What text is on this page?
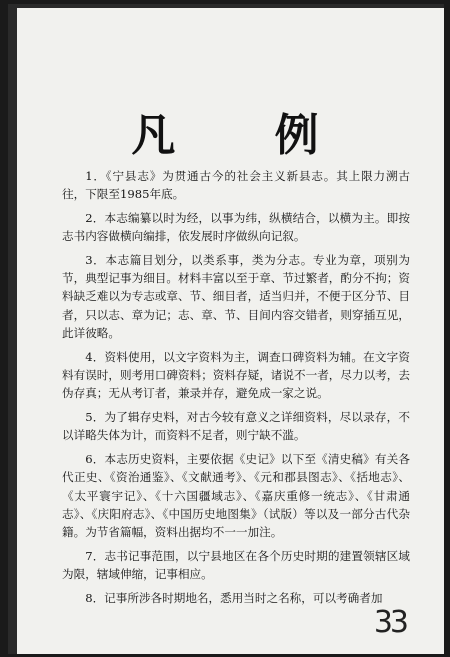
凡 例

1．《宁县志》为贯通古今的社会主义新县志。其上限力溯古往，下限至1985年底。

2．本志编纂以时为经，以事为纬，纵横结合，以横为主。即按志书内容做横向编排，依发展时序做纵向记叙。

3．本志篇目划分，以类系事，类为分志。专业为章，项别为节，典型记事为细目。材料丰富以至于章、节过繁者，酌分不拘；资料缺乏难以为专志或章、节、细目者，适当归并，不便于区分节、目者，只以志、章为记；志、章、节、目间内容交错者，则穿插互见，此详彼略。

4．资料使用，以文字资料为主，调查口碑资料为辅。在文字资料有误时，则考用口碑资料；资料存疑，诸说不一者，尽力以考，去伪存真；无从考订者，兼录并存，避免成一家之说。

5．为了辑存史料，对古今较有意义之详细资料，尽以录存，不以详略失体为计，而资料不足者，则宁缺不滥。

6．本志历史资料，主要依据《史记》以下至《清史稿》有关各代正史、《资治通鉴》、《文献通考》、《元和郡县图志》、《括地志》、《太平寰宇记》、《十六国疆域志》、《嘉庆重修一统志》、《甘肃通志》、《庆阳府志》、《中国历史地图集》（试版）等以及一部分古代杂籍。为节省篇幅，资料出据均不一一加注。

7．志书记事范围，以宁县地区在各个历史时期的建置领辖区域为限，辖域伸缩，记事相应。

8．记事所涉各时期地名，悉用当时之名称，可以考确者加

33
